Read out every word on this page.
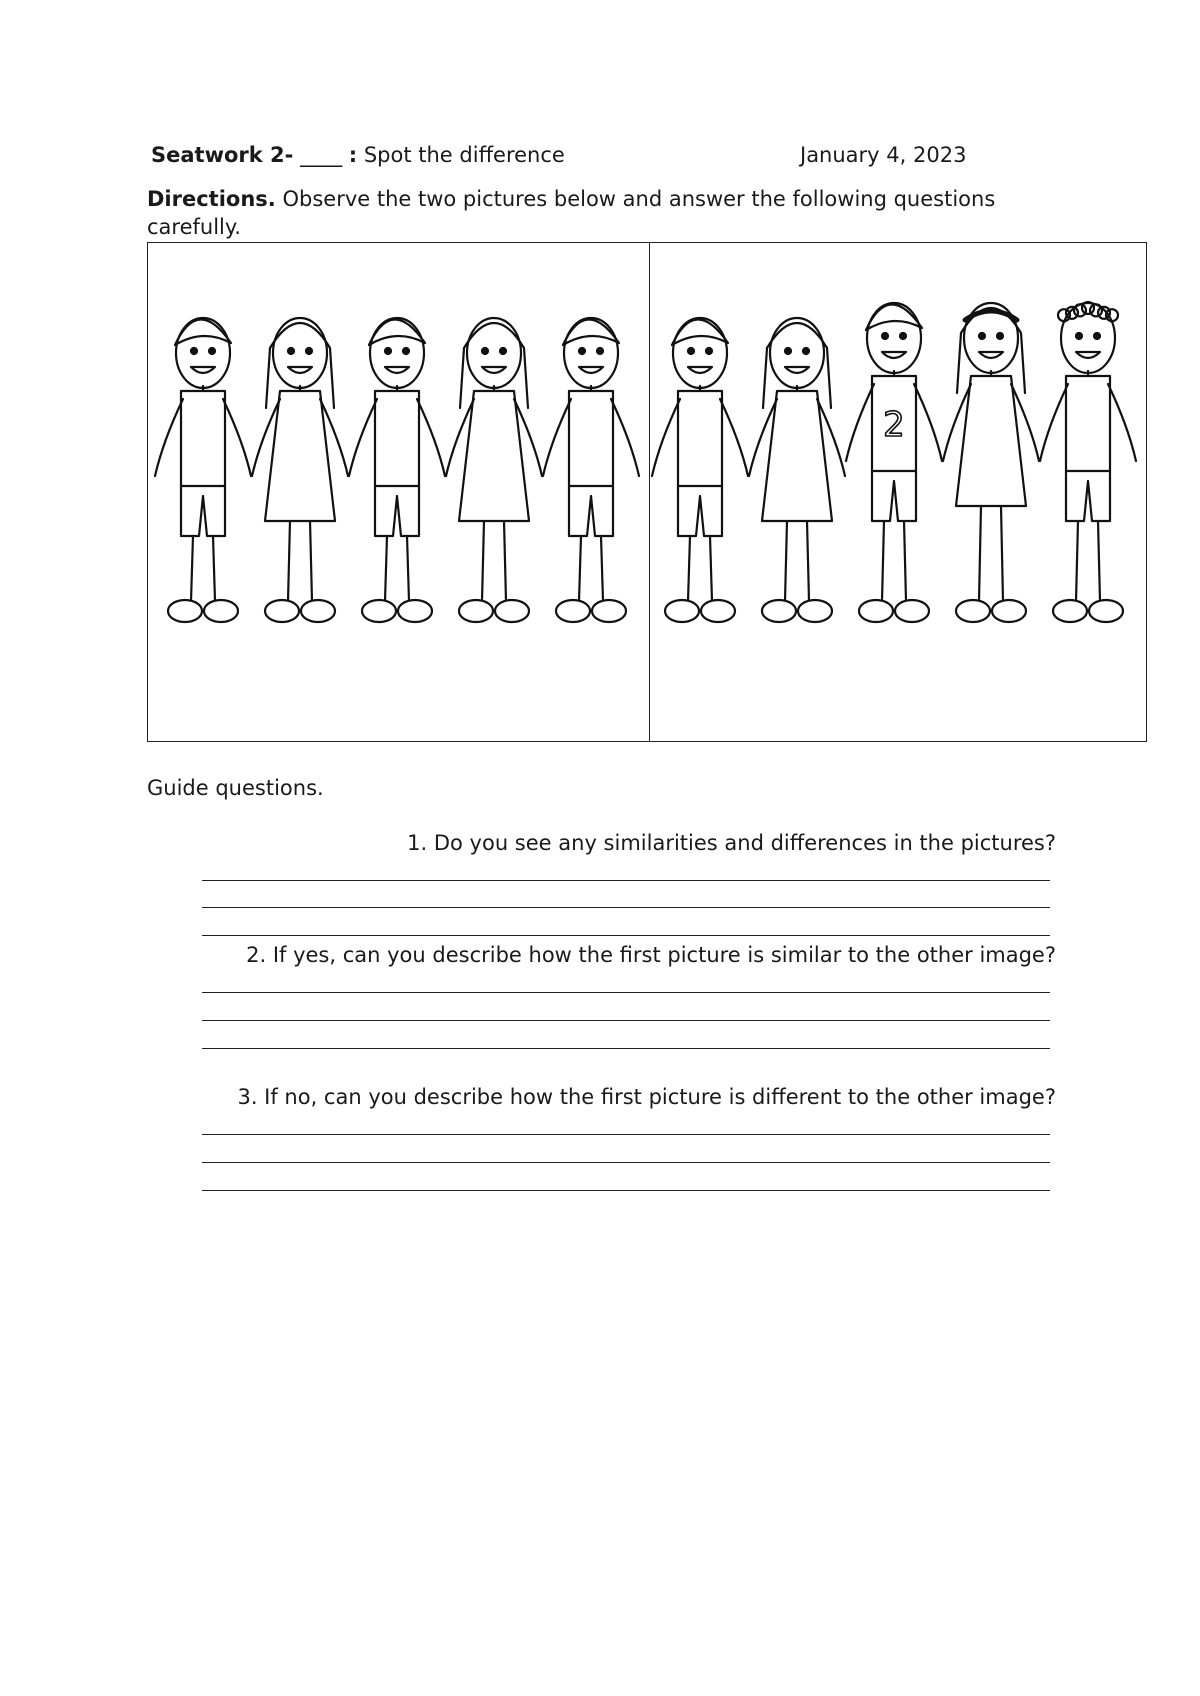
Seatwork 2- ____ : Spot the difference	January 4, 2023
Directions. Observe the two pictures below and answer the following questions carefully.
2
Guide questions.
1. Do you see any similarities and differences in the pictures?
2. If yes, can you describe how the first picture is similar to the other image?
3. If no, can you describe how the first picture is different to the other image?
